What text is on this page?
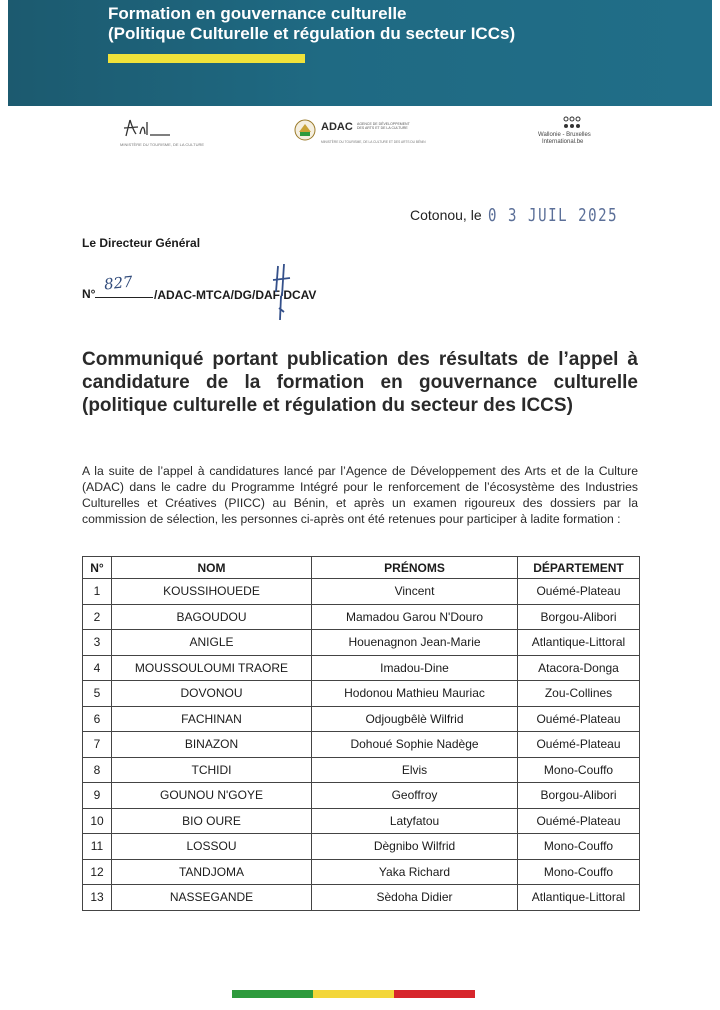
Formation en gouvernance culturelle
(Politique Culturelle et régulation du secteur ICCs)
MINISTÈRE DU TOURISME, DE LA CULTURE
ADAC AGENCE DE DÉVELOPPEMENT DES ARTS ET DE LA CULTURE
MINISTÈRE DU TOURISME, DE LA CULTURE ET DES ARTS DU BÉNIN
Wallonie - Bruxelles
International.be
Cotonou, le 0 3 JUIL 2025
Le Directeur Général
N°
827
/ADAC-MTCA/DG/DAF/DCAV

Communiqué portant publication des résultats de l’appel à candidature de la formation en gouvernance culturelle (politique culturelle et régulation du secteur des ICCS)

A la suite de l’appel à candidatures lancé par l’Agence de Développement des Arts et de la Culture (ADAC) dans le cadre du Programme Intégré pour le renforcement de l’écosystème des Industries Culturelles et Créatives (PIICC) au Bénin, et après un examen rigoureux des dossiers par la commission de sélection, les personnes ci-après ont été retenues pour participer à ladite formation :

N°	NOM	PRÉNOMS	DÉPARTEMENT
1	KOUSSIHOUEDE	Vincent	Ouémé-Plateau
2	BAGOUDOU	Mamadou Garou N'Douro	Borgou-Alibori
3	ANIGLE	Houenagnon Jean-Marie	Atlantique-Littoral
4	MOUSSOULOUMI TRAORE	Imadou-Dine	Atacora-Donga
5	DOVONOU	Hodonou Mathieu Mauriac	Zou-Collines
6	FACHINAN	Odjougbêlè Wilfrid	Ouémé-Plateau
7	BINAZON	Dohoué Sophie Nadège	Ouémé-Plateau
8	TCHIDI	Elvis	Mono-Couffo
9	GOUNOU N'GOYE	Geoffroy	Borgou-Alibori
10	BIO OURE	Latyfatou	Ouémé-Plateau
11	LOSSOU	Dègnibo Wilfrid	Mono-Couffo
12	TANDJOMA	Yaka Richard	Mono-Couffo
13	NASSEGANDE	Sèdoha Didier	Atlantique-Littoral
